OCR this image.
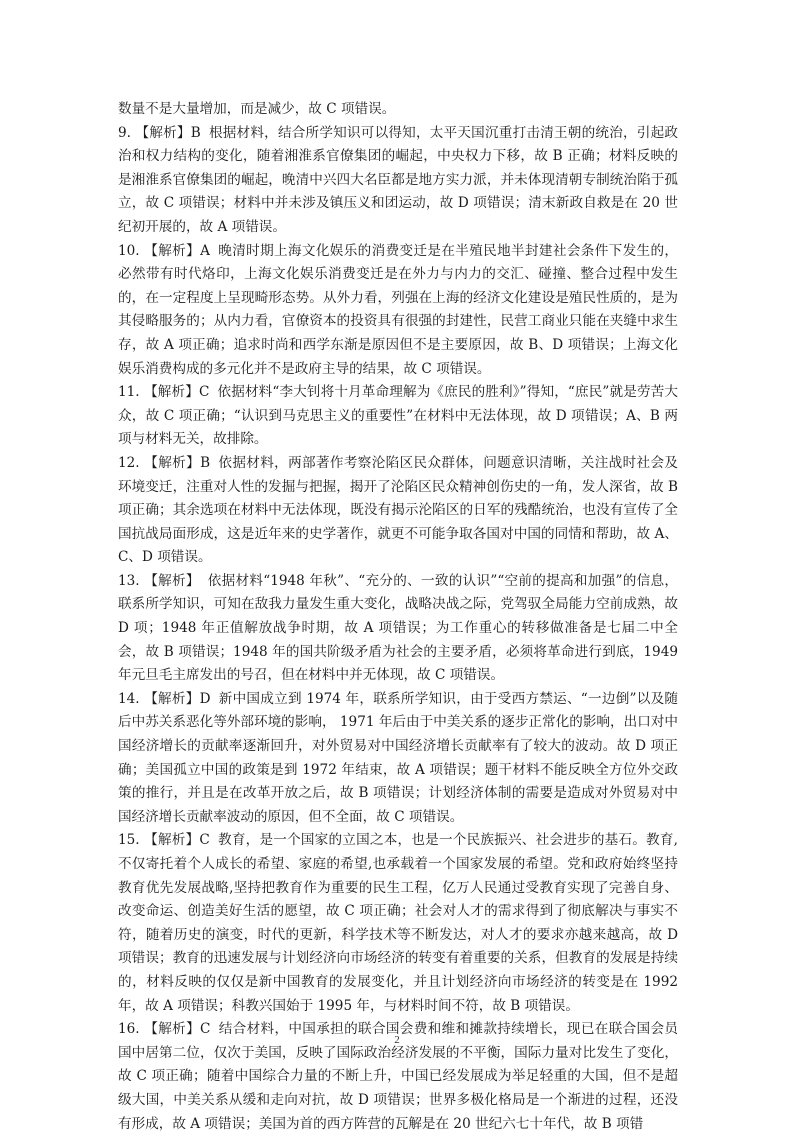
数量不是大量增加，而是减少，故 C 项错误。

9. 【解析】B 根据材料，结合所学知识可以得知，太平天国沉重打击清王朝的统治，引起政治和权力结构的变化，随着湘淮系官僚集团的崛起，中央权力下移，故 B 正确；材料反映的是湘淮系官僚集团的崛起，晚清中兴四大名臣都是地方实力派，并未体现清朝专制统治陷于孤立，故 C 项错误；材料中并未涉及镇压义和团运动，故 D 项错误；清末新政自救是在 20 世纪初开展的，故 A 项错误。

10. 【解析】A 晚清时期上海文化娱乐的消费变迁是在半殖民地半封建社会条件下发生的，必然带有时代烙印，上海文化娱乐消费变迁是在外力与内力的交汇、碰撞、整合过程中发生的，在一定程度上呈现畸形态势。从外力看，列强在上海的经济文化建设是殖民性质的，是为其侵略服务的；从内力看，官僚资本的投资具有很强的封建性，民营工商业只能在夹缝中求生存，故 A 项正确；追求时尚和西学东渐是原因但不是主要原因，故 B、D 项错误；上海文化娱乐消费构成的多元化并不是政府主导的结果，故 C 项错误。

11. 【解析】C 依据材料“李大钊将十月革命理解为《庶民的胜利》”得知，“庶民”就是劳苦大众，故 C 项正确；“认识到马克思主义的重要性”在材料中无法体现，故 D 项错误；A、B 两项与材料无关，故排除。

12. 【解析】B 依据材料，两部著作考察沦陷区民众群体，问题意识清晰，关注战时社会及环境变迁，注重对人性的发掘与把握，揭开了沦陷区民众精神创伤史的一角，发人深省，故 B 项正确；其余选项在材料中无法体现，既没有揭示沦陷区的日军的残酷统治，也没有宣传了全国抗战局面形成，这是近年来的史学著作，就更不可能争取各国对中国的同情和帮助，故 A、C、D 项错误。

13. 【解析】 依据材料“1948 年秋”、“充分的、一致的认识”“空前的提高和加强”的信息，联系所学知识，可知在敌我力量发生重大变化，战略决战之际，党驾驭全局能力空前成熟，故 D 项；1948 年正值解放战争时期，故 A 项错误；为工作重心的转移做准备是七届二中全会，故 B 项错误；1948 年的国共阶级矛盾为社会的主要矛盾，必须将革命进行到底，1949 年元旦毛主席发出的号召，但在材料中并无体现，故 C 项错误。

14. 【解析】D 新中国成立到 1974 年，联系所学知识，由于受西方禁运、“一边倒”以及随后中苏关系恶化等外部环境的影响， 1971 年后由于中美关系的逐步正常化的影响，出口对中国经济增长的贡献率逐渐回升，对外贸易对中国经济增长贡献率有了较大的波动。故 D 项正确；美国孤立中国的政策是到 1972 年结束，故 A 项错误；题干材料不能反映全方位外交政策的推行，并且是在改革开放之后，故 B 项错误；计划经济体制的需要是造成对外贸易对中国经济增长贡献率波动的原因，但不全面，故 C 项错误。

15. 【解析】C 教育，是一个国家的立国之本，也是一个民族振兴、社会进步的基石。教育,不仅寄托着个人成长的希望、家庭的希望,也承载着一个国家发展的希望。党和政府始终坚持教育优先发展战略,坚持把教育作为重要的民生工程，亿万人民通过受教育实现了完善自身、改变命运、创造美好生活的愿望，故 C 项正确；社会对人才的需求得到了彻底解决与事实不符，随着历史的演变，时代的更新，科学技术等不断发达，对人才的要求亦越来越高，故 D 项错误；教育的迅速发展与计划经济向市场经济的转变有着重要的关系，但教育的发展是持续的，材料反映的仅仅是新中国教育的发展变化，并且计划经济向市场经济的转变是在 1992 年，故 A 项错误；科教兴国始于 1995 年，与材料时间不符，故 B 项错误。

16. 【解析】C 结合材料，中国承担的联合国会费和维和摊款持续增长，现已在联合国会员国中居第二位，仅次于美国，反映了国际政治经济发展的不平衡，国际力量对比发生了变化，故 C 项正确；随着中国综合力量的不断上升，中国已经发展成为举足轻重的大国，但不是超级大国，中美关系从缓和走向对抗，故 D 项错误；世界多极化格局是一个渐进的过程，还没有形成，故 A 项错误；美国为首的西方阵营的瓦解是在 20 世纪六七十年代，故 B 项错

2
